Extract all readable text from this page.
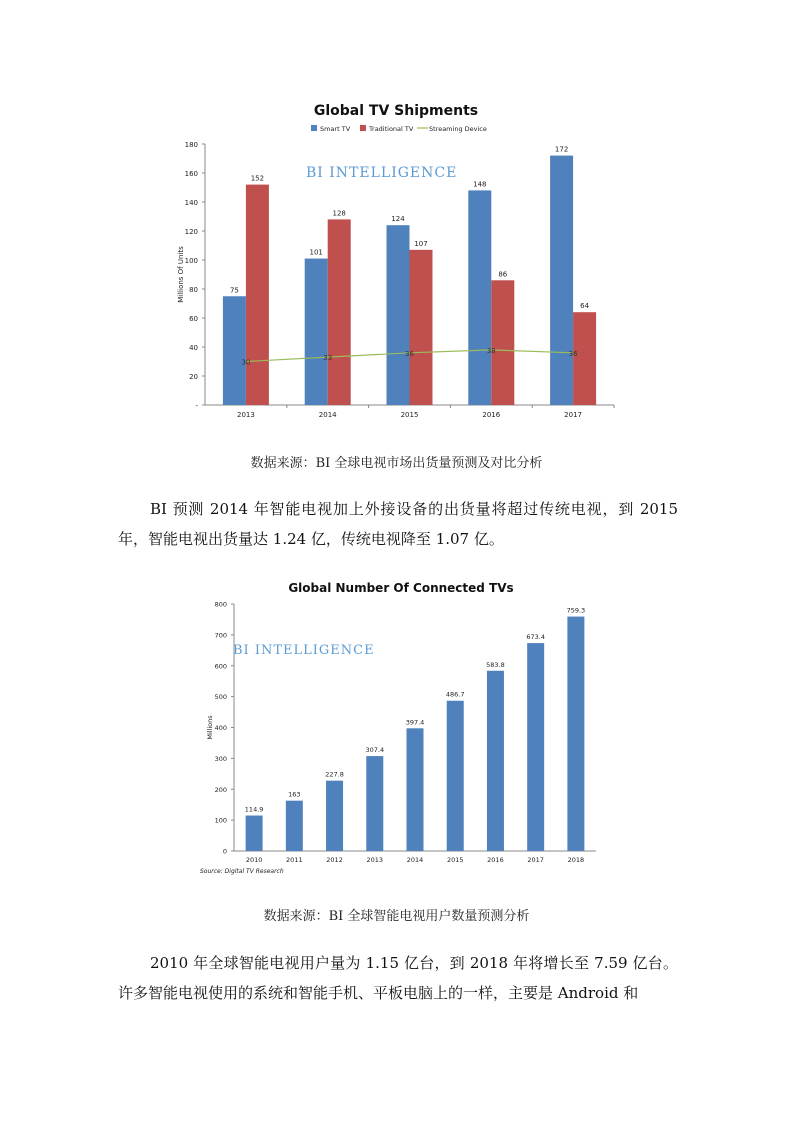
Global TV Shipments
-
20
40
60
80
100
120
140
160
180
Millions Of Units
BI INTELLIGENCE
2013
75
152
2014
101
128
2015
124
107
2016
148
86
2017
172
64
30
33
36	38	36
Smart TV	Traditional TV Streaming Device
数据来源：BI 全球电视市场出货量预测及对比分析

BI 预测 2014 年智能电视加上外接设备的出货量将超过传统电视，到 2015 年，智能电视出货量达 1.24 亿，传统电视降至 1.07 亿。

Global Number Of Connected TVs
0
100
200
300
400
500
600
700
800
Millions
BI INTELLIGENCE
114.9
2010
163
2011
227.8
2012
307.4
2013
397.4
2014
486.7
2015
583.8
2016
673.4
2017
759.3
2018
Source: Digital TV Research
数据来源：BI 全球智能电视用户数量预测分析

2010 年全球智能电视用户量为 1.15 亿台，到 2018 年将增长至 7.59 亿台。许多智能电视使用的系统和智能手机、平板电脑上的一样，主要是 Android 和
